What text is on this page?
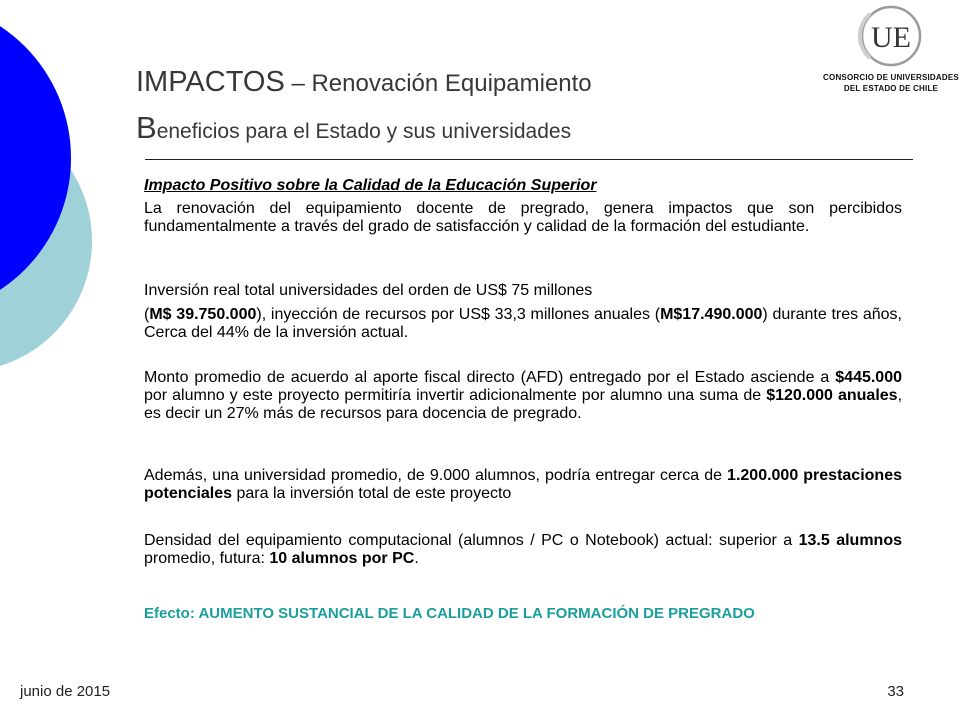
UE
CONSORCIO DE UNIVERSIDADES
DEL ESTADO DE CHILE
IMPACTOS – Renovación Equipamiento
Beneficios para el Estado y sus universidades

Impacto Positivo sobre la Calidad de la Educación Superior

La renovación del equipamiento docente de pregrado, genera impactos que son percibidos fundamentalmente a través del grado de satisfacción y calidad de la formación del estudiante.

Inversión real total universidades del orden de US$ 75 millones

(M$ 39.750.000), inyección de recursos por US$ 33,3 millones anuales (M$17.490.000) durante tres años, Cerca del 44% de la inversión actual.

Monto promedio de acuerdo al aporte fiscal directo (AFD) entregado por el Estado asciende a $445.000 por alumno y este proyecto permitiría invertir adicionalmente por alumno una suma de $120.000 anuales, es decir un 27% más de recursos para docencia de pregrado.

Además, una universidad promedio, de 9.000 alumnos, podría entregar cerca de 1.200.000 prestaciones potenciales para la inversión total de este proyecto

Densidad del equipamiento computacional (alumnos / PC o Notebook) actual: superior a 13.5 alumnos promedio, futura: 10 alumnos por PC.

Efecto: AUMENTO SUSTANCIAL DE LA CALIDAD DE LA FORMACIÓN DE PREGRADO

junio de 2015	33
